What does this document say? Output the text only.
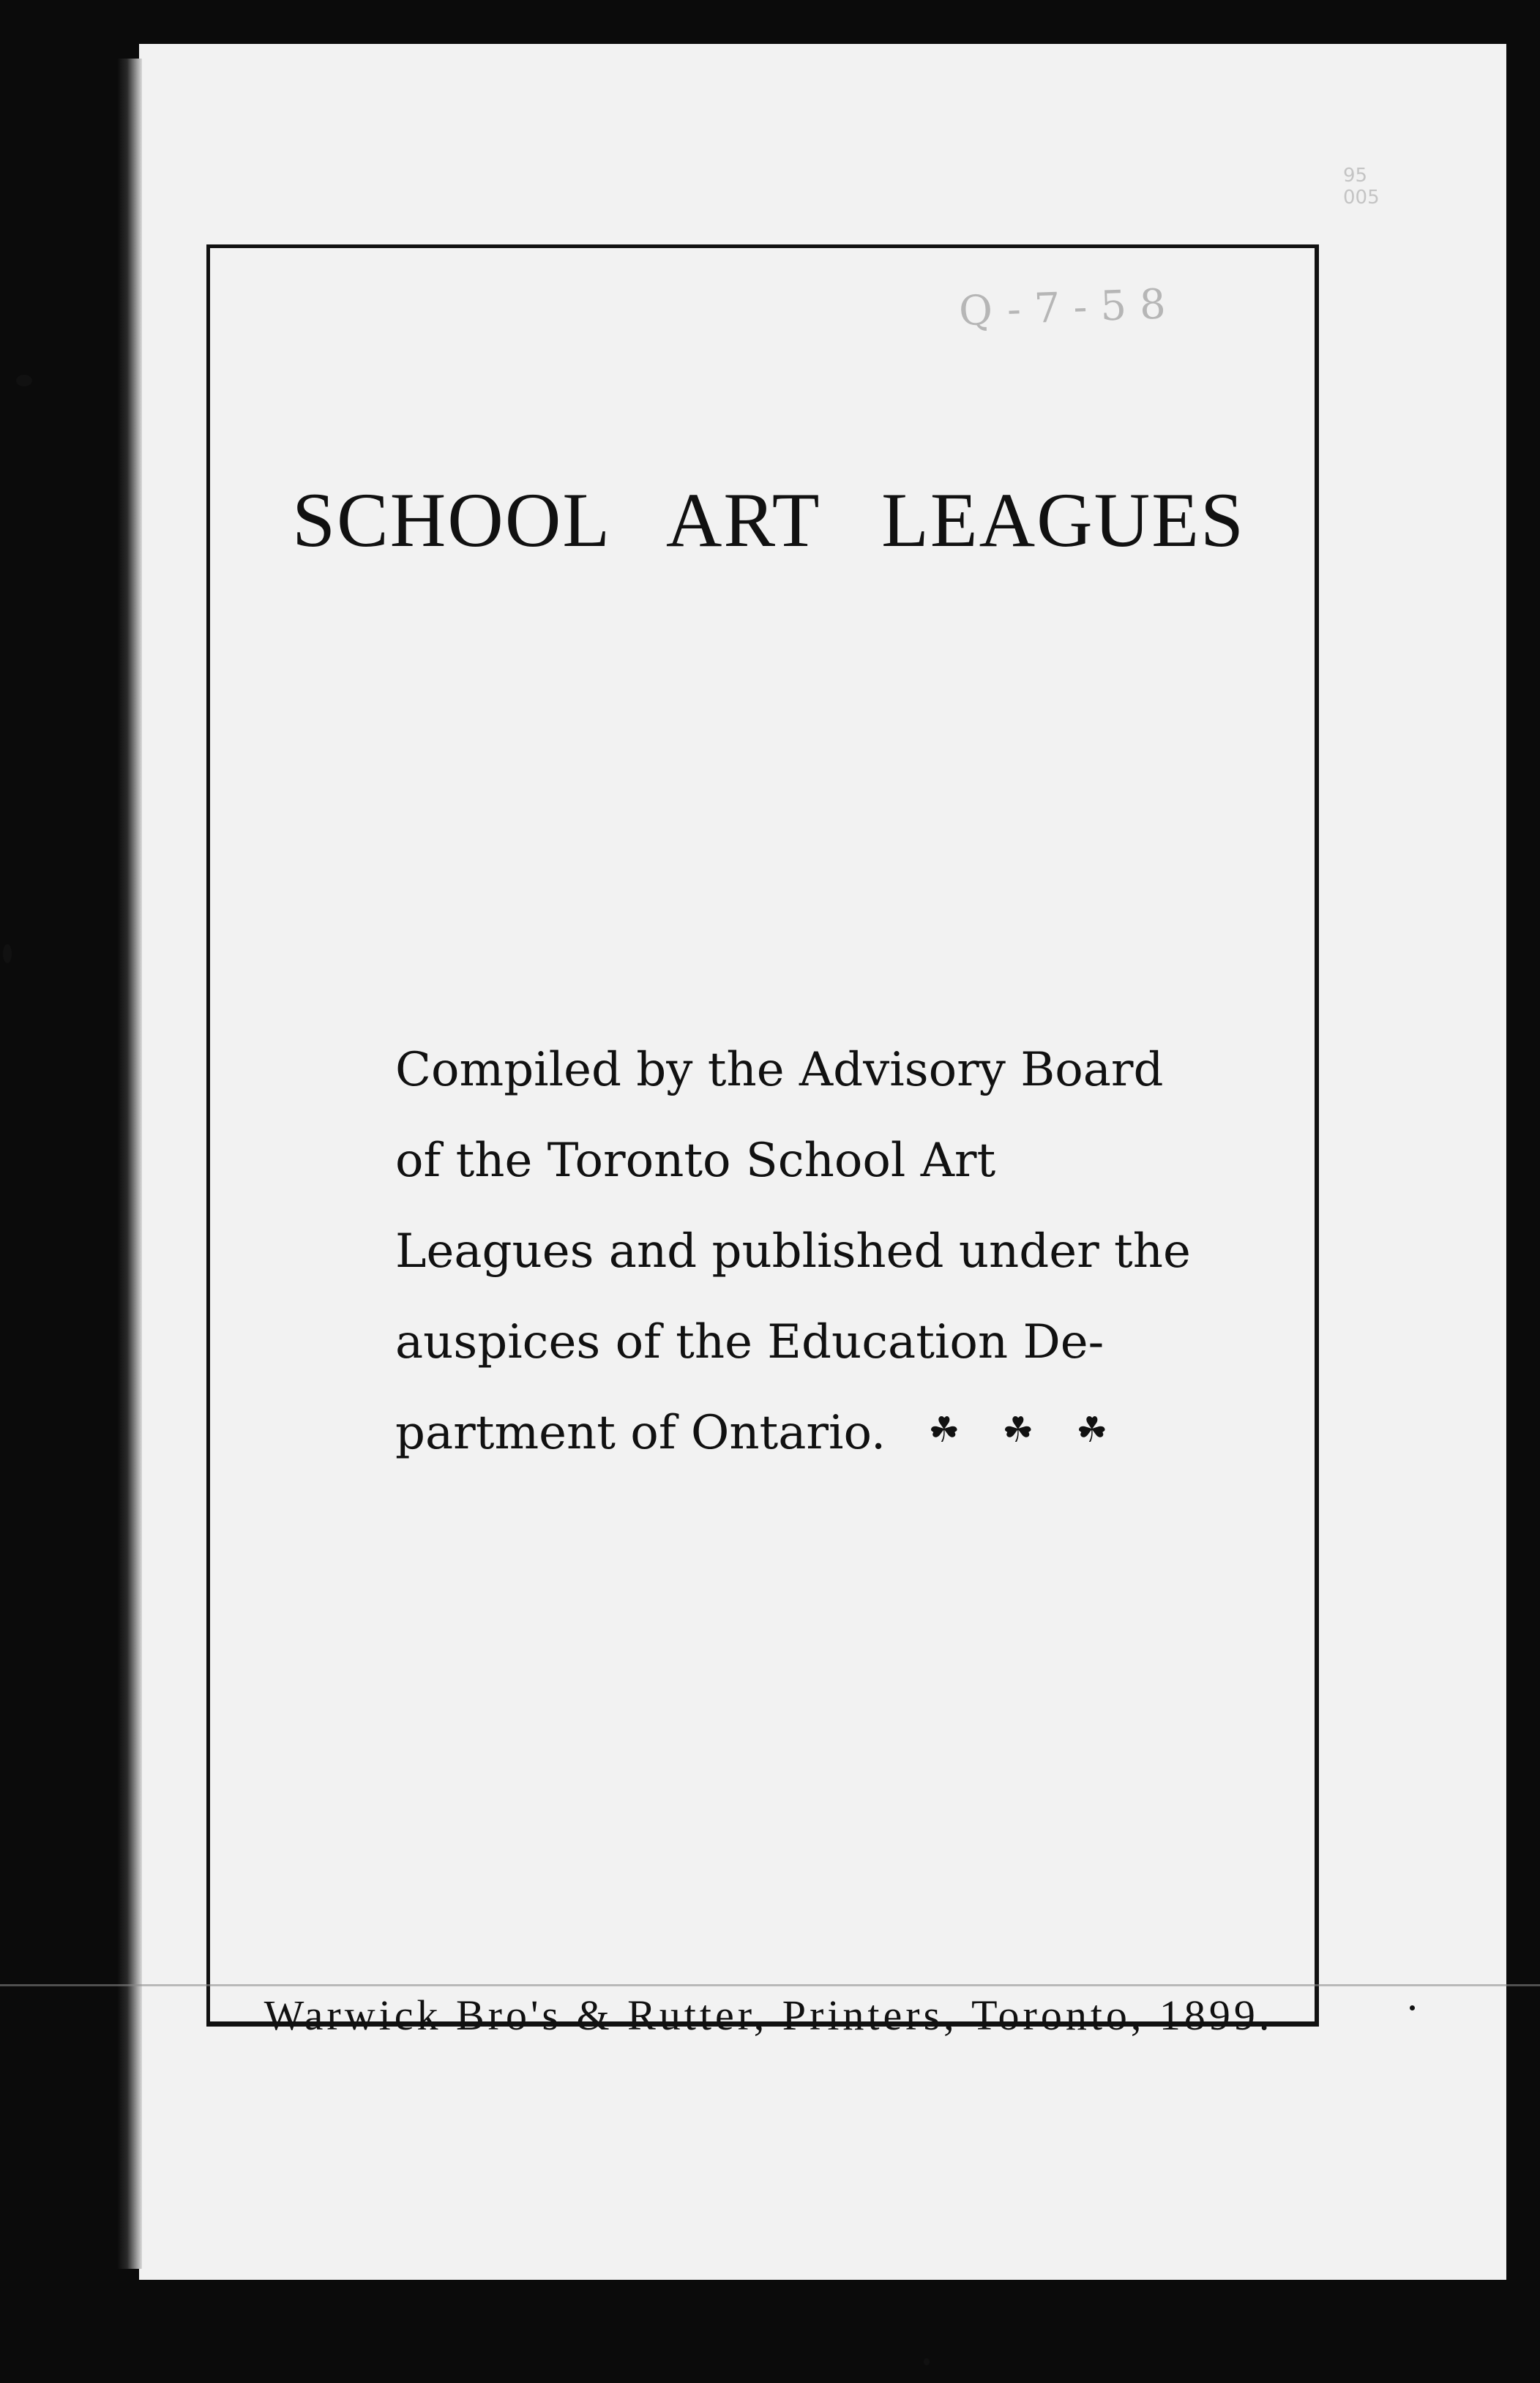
95
005
Q-7-58
SCHOOL ART LEAGUES
Compiled by the Advisory Board
of the Toronto School Art
Leagues and published under the
auspices of the Education De-
partment of Ontario. ☘ ☘ ☘
Warwick Bro's & Rutter, Printers, Toronto, 1899.
